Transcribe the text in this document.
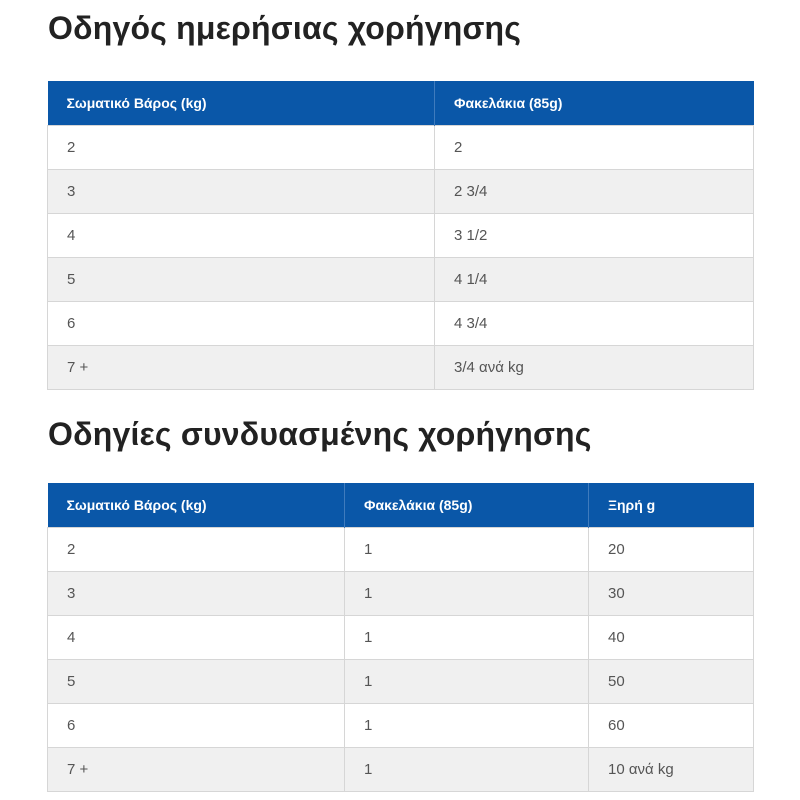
Οδηγός ημερήσιας χορήγησης
Σωματικό Βάρος (kg)	Φακελάκια (85g)
2	2
3	2 3/4
4	3 1/2
5	4 1/4
6	4 3/4
7 +	3/4 ανά kg
Οδηγίες συνδυασμένης χορήγησης
Σωματικό Βάρος (kg)	Φακελάκια (85g)	Ξηρή g
2	1	20
3	1	30
4	1	40
5	1	50
6	1	60
7 +	1	10 ανά kg
